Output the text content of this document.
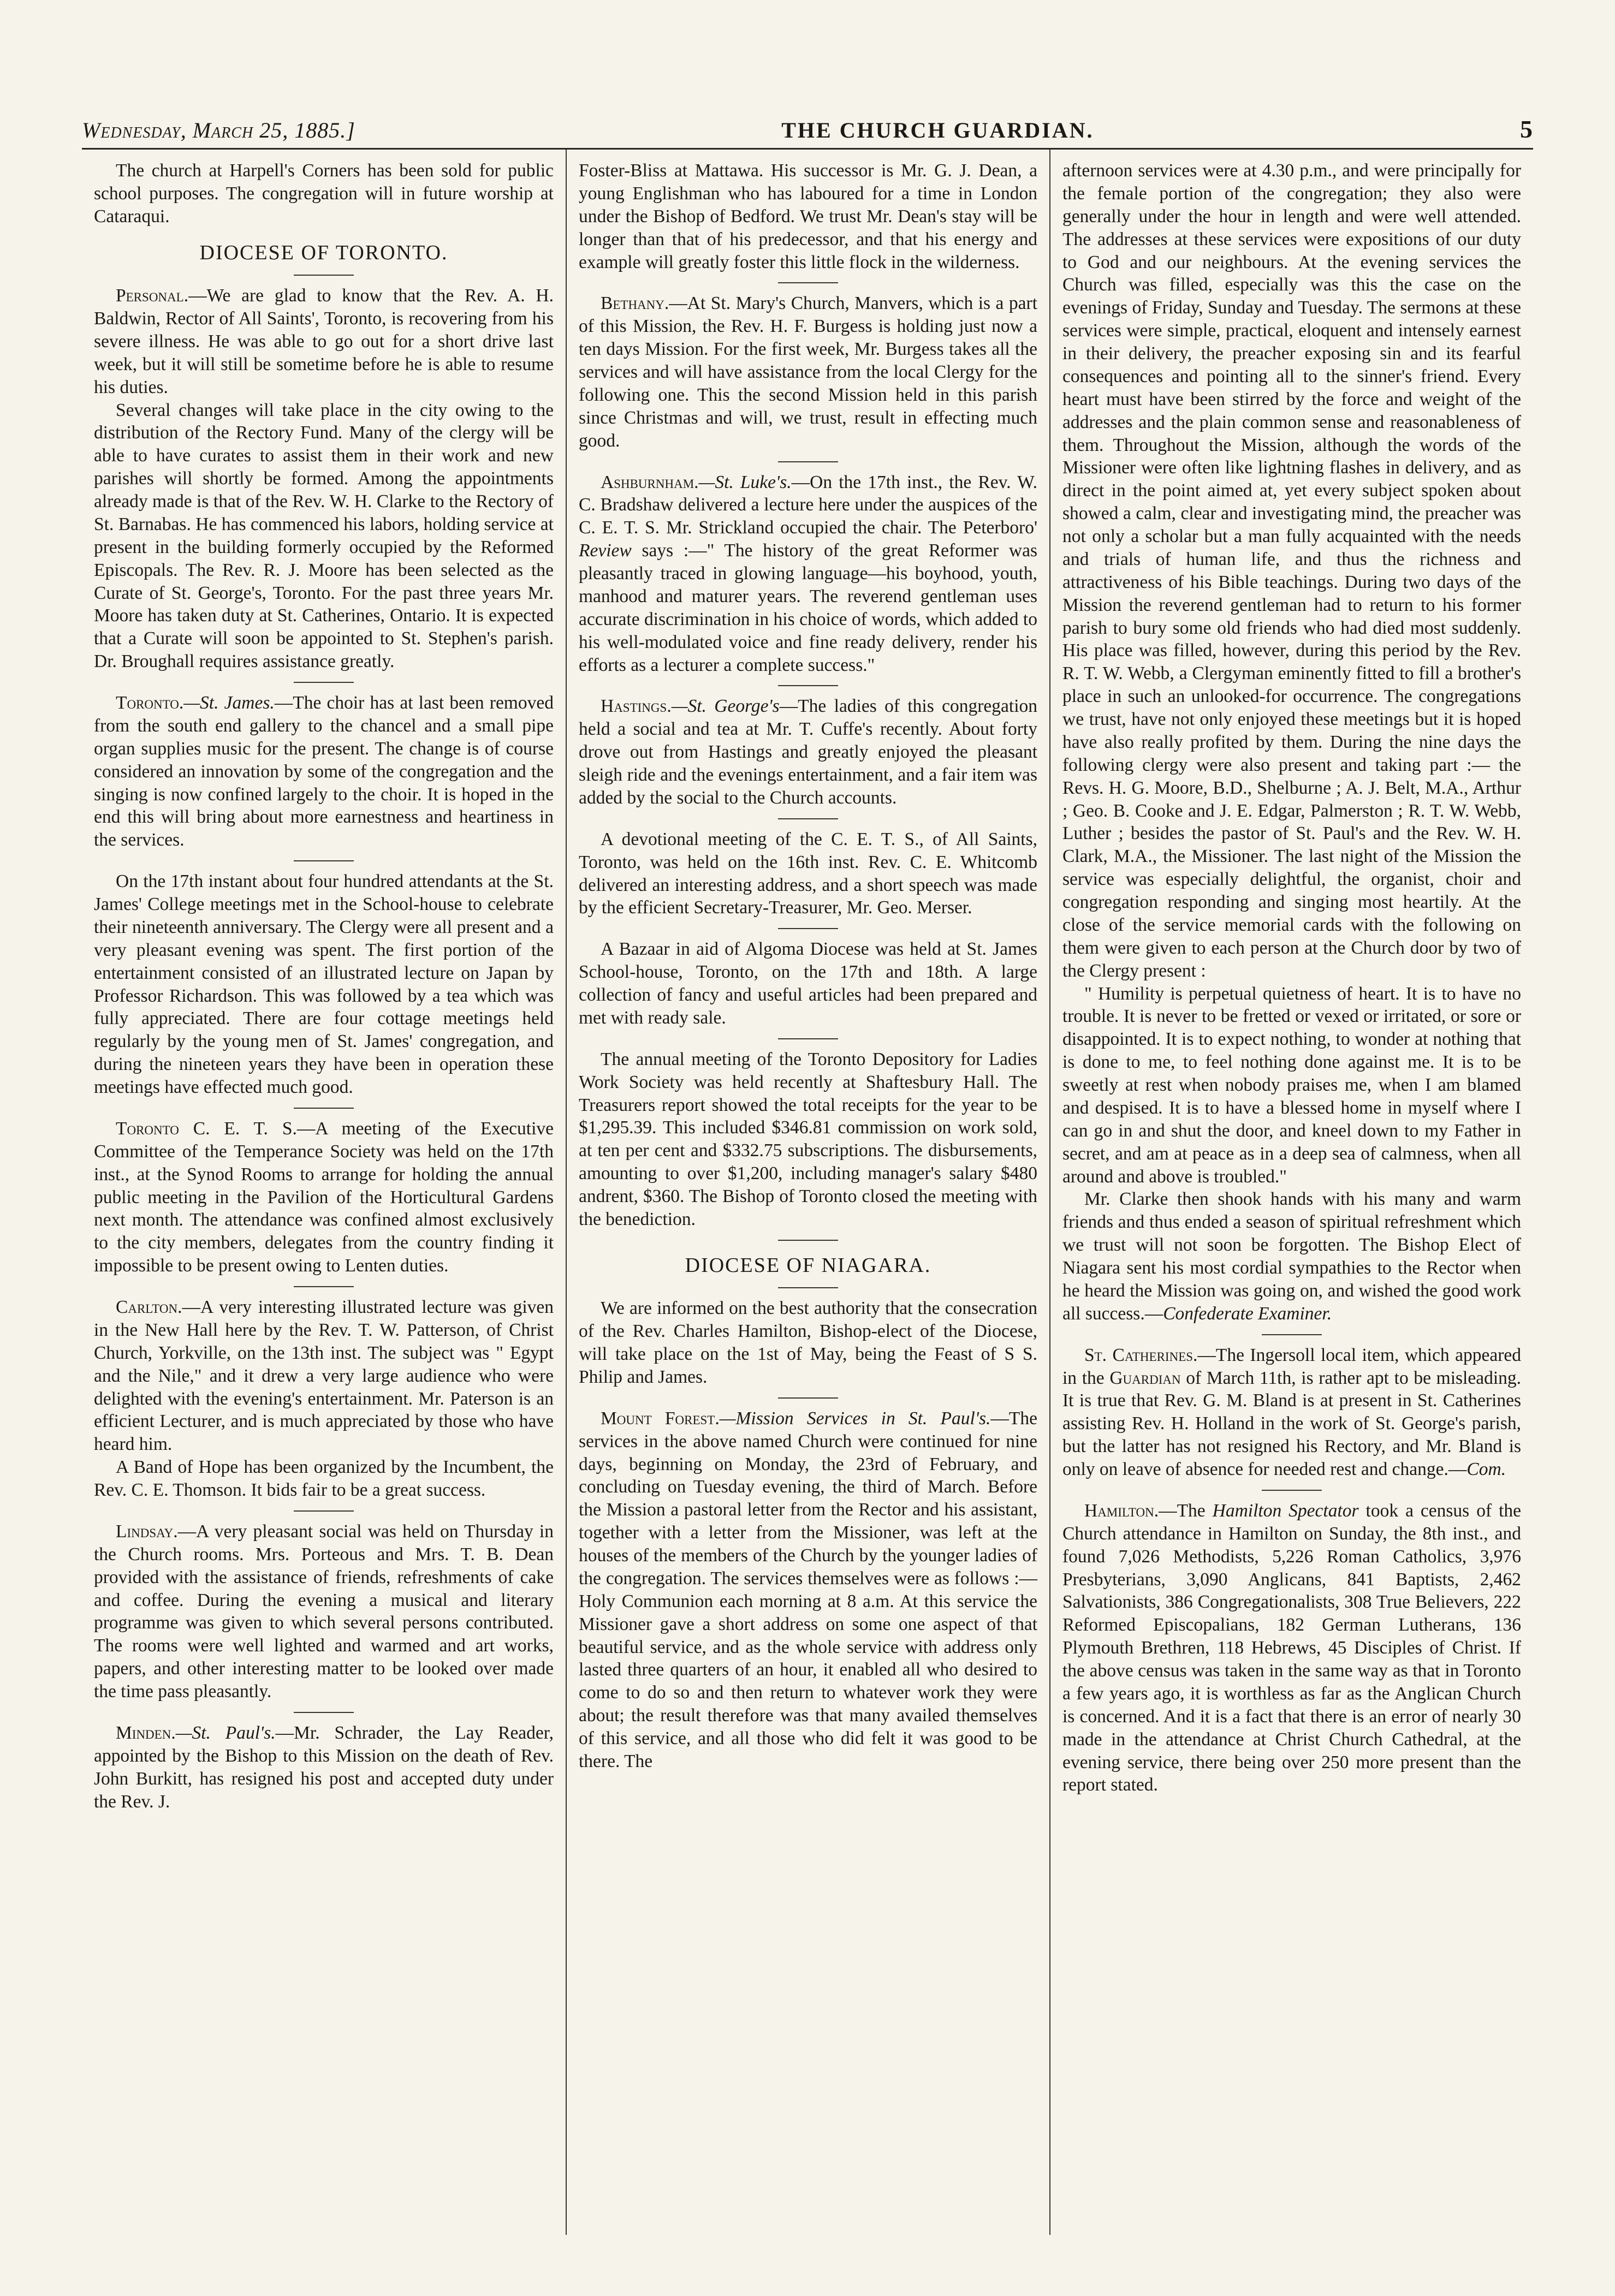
Wednesday, March 25, 1885.]	THE CHURCH GUARDIAN.	5

The church at Harpell's Corners has been sold for public school purposes. The congregation will in future worship at Cataraqui.

DIOCESE OF TORONTO.

Personal.—We are glad to know that the Rev. A. H. Baldwin, Rector of All Saints', Toronto, is recovering from his severe illness. He was able to go out for a short drive last week, but it will still be sometime before he is able to resume his duties.

Several changes will take place in the city owing to the distribution of the Rectory Fund. Many of the clergy will be able to have curates to assist them in their work and new parishes will shortly be formed. Among the appointments already made is that of the Rev. W. H. Clarke to the Rectory of St. Barnabas. He has commenced his labors, holding service at present in the building formerly occupied by the Reformed Episcopals. The Rev. R. J. Moore has been selected as the Curate of St. George's, Toronto. For the past three years Mr. Moore has taken duty at St. Catherines, Ontario. It is expected that a Curate will soon be appointed to St. Stephen's parish. Dr. Broughall requires assistance greatly.

Toronto.—St. James.—The choir has at last been removed from the south end gallery to the chancel and a small pipe organ supplies music for the present. The change is of course considered an innovation by some of the congregation and the singing is now confined largely to the choir. It is hoped in the end this will bring about more earnestness and heartiness in the services.

On the 17th instant about four hundred attendants at the St. James' College meetings met in the School-house to celebrate their nineteenth anniversary. The Clergy were all present and a very pleasant evening was spent. The first portion of the entertainment consisted of an illustrated lecture on Japan by Professor Richardson. This was followed by a tea which was fully appreciated. There are four cottage meetings held regularly by the young men of St. James' congregation, and during the nineteen years they have been in operation these meetings have effected much good.

Toronto C. E. T. S.—A meeting of the Executive Committee of the Temperance Society was held on the 17th inst., at the Synod Rooms to arrange for holding the annual public meeting in the Pavilion of the Horticultural Gardens next month. The attendance was confined almost exclusively to the city members, delegates from the country finding it impossible to be present owing to Lenten duties.

Carlton.—A very interesting illustrated lecture was given in the New Hall here by the Rev. T. W. Patterson, of Christ Church, Yorkville, on the 13th inst. The subject was " Egypt and the Nile," and it drew a very large audience who were delighted with the evening's entertainment. Mr. Paterson is an efficient Lecturer, and is much appreciated by those who have heard him.

A Band of Hope has been organized by the Incumbent, the Rev. C. E. Thomson. It bids fair to be a great success.

Lindsay.—A very pleasant social was held on Thursday in the Church rooms. Mrs. Porteous and Mrs. T. B. Dean provided with the assistance of friends, refreshments of cake and coffee. During the evening a musical and literary programme was given to which several persons contributed. The rooms were well lighted and warmed and art works, papers, and other interesting matter to be looked over made the time pass pleasantly.

Minden.—St. Paul's.—Mr. Schrader, the Lay Reader, appointed by the Bishop to this Mission on the death of Rev. John Burkitt, has resigned his post and accepted duty under the Rev. J.

Foster-Bliss at Mattawa. His successor is Mr. G. J. Dean, a young Englishman who has laboured for a time in London under the Bishop of Bedford. We trust Mr. Dean's stay will be longer than that of his predecessor, and that his energy and example will greatly foster this little flock in the wilderness.

Bethany.—At St. Mary's Church, Manvers, which is a part of this Mission, the Rev. H. F. Burgess is holding just now a ten days Mission. For the first week, Mr. Burgess takes all the services and will have assistance from the local Clergy for the following one. This the second Mission held in this parish since Christmas and will, we trust, result in effecting much good.

Ashburnham.—St. Luke's.—On the 17th inst., the Rev. W. C. Bradshaw delivered a lecture here under the auspices of the C. E. T. S. Mr. Strickland occupied the chair. The Peterboro' Review says :—" The history of the great Reformer was pleasantly traced in glowing language—his boyhood, youth, manhood and maturer years. The reverend gentleman uses accurate discrimination in his choice of words, which added to his well-modulated voice and fine ready delivery, render his efforts as a lecturer a complete success."

Hastings.—St. George's—The ladies of this congregation held a social and tea at Mr. T. Cuffe's recently. About forty drove out from Hastings and greatly enjoyed the pleasant sleigh ride and the evenings entertainment, and a fair item was added by the social to the Church accounts.

A devotional meeting of the C. E. T. S., of All Saints, Toronto, was held on the 16th inst. Rev. C. E. Whitcomb delivered an interesting address, and a short speech was made by the efficient Secretary-Treasurer, Mr. Geo. Merser.

A Bazaar in aid of Algoma Diocese was held at St. James School-house, Toronto, on the 17th and 18th. A large collection of fancy and useful articles had been prepared and met with ready sale.

The annual meeting of the Toronto Depository for Ladies Work Society was held recently at Shaftesbury Hall. The Treasurers report showed the total receipts for the year to be $1,295.39. This included $346.81 commission on work sold, at ten per cent and $332.75 subscriptions. The disbursements, amounting to over $1,200, including manager's salary $480 andrent, $360. The Bishop of Toronto closed the meeting with the benediction.

DIOCESE OF NIAGARA.

We are informed on the best authority that the consecration of the Rev. Charles Hamilton, Bishop-elect of the Diocese, will take place on the 1st of May, being the Feast of S S. Philip and James.

Mount Forest.—Mission Services in St. Paul's.—The services in the above named Church were continued for nine days, beginning on Monday, the 23rd of February, and concluding on Tuesday evening, the third of March. Before the Mission a pastoral letter from the Rector and his assistant, together with a letter from the Missioner, was left at the houses of the members of the Church by the younger ladies of the congregation. The services themselves were as follows :—Holy Communion each morning at 8 a.m. At this service the Missioner gave a short address on some one aspect of that beautiful service, and as the whole service with address only lasted three quarters of an hour, it enabled all who desired to come to do so and then return to whatever work they were about; the result therefore was that many availed themselves of this service, and all those who did felt it was good to be there. The

afternoon services were at 4.30 p.m., and were principally for the female portion of the congregation; they also were generally under the hour in length and were well attended. The addresses at these services were expositions of our duty to God and our neighbours. At the evening services the Church was filled, especially was this the case on the evenings of Friday, Sunday and Tuesday. The sermons at these services were simple, practical, eloquent and intensely earnest in their delivery, the preacher exposing sin and its fearful consequences and pointing all to the sinner's friend. Every heart must have been stirred by the force and weight of the addresses and the plain common sense and reasonableness of them. Throughout the Mission, although the words of the Missioner were often like lightning flashes in delivery, and as direct in the point aimed at, yet every subject spoken about showed a calm, clear and investigating mind, the preacher was not only a scholar but a man fully acquainted with the needs and trials of human life, and thus the richness and attractiveness of his Bible teachings. During two days of the Mission the reverend gentleman had to return to his former parish to bury some old friends who had died most suddenly. His place was filled, however, during this period by the Rev. R. T. W. Webb, a Clergyman eminently fitted to fill a brother's place in such an unlooked-for occurrence. The congregations we trust, have not only enjoyed these meetings but it is hoped have also really profited by them. During the nine days the following clergy were also present and taking part :— the Revs. H. G. Moore, B.D., Shelburne ; A. J. Belt, M.A., Arthur ; Geo. B. Cooke and J. E. Edgar, Palmerston ; R. T. W. Webb, Luther ; besides the pastor of St. Paul's and the Rev. W. H. Clark, M.A., the Missioner. The last night of the Mission the service was especially delightful, the organist, choir and congregation responding and singing most heartily. At the close of the service memorial cards with the following on them were given to each person at the Church door by two of the Clergy present :

" Humility is perpetual quietness of heart. It is to have no trouble. It is never to be fretted or vexed or irritated, or sore or disappointed. It is to expect nothing, to wonder at nothing that is done to me, to feel nothing done against me. It is to be sweetly at rest when nobody praises me, when I am blamed and despised. It is to have a blessed home in myself where I can go in and shut the door, and kneel down to my Father in secret, and am at peace as in a deep sea of calmness, when all around and above is troubled."

Mr. Clarke then shook hands with his many and warm friends and thus ended a season of spiritual refreshment which we trust will not soon be forgotten. The Bishop Elect of Niagara sent his most cordial sympathies to the Rector when he heard the Mission was going on, and wished the good work all success.—Confederate Examiner.

St. Catherines.—The Ingersoll local item, which appeared in the Guardian of March 11th, is rather apt to be misleading. It is true that Rev. G. M. Bland is at present in St. Catherines assisting Rev. H. Holland in the work of St. George's parish, but the latter has not resigned his Rectory, and Mr. Bland is only on leave of absence for needed rest and change.—Com.

Hamilton.—The Hamilton Spectator took a census of the Church attendance in Hamilton on Sunday, the 8th inst., and found 7,026 Methodists, 5,226 Roman Catholics, 3,976 Presbyterians, 3,090 Anglicans, 841 Baptists, 2,462 Salvationists, 386 Congregationalists, 308 True Believers, 222 Reformed Episcopalians, 182 German Lutherans, 136 Plymouth Brethren, 118 Hebrews, 45 Disciples of Christ. If the above census was taken in the same way as that in Toronto a few years ago, it is worthless as far as the Anglican Church is concerned. And it is a fact that there is an error of nearly 30 made in the attendance at Christ Church Cathedral, at the evening service, there being over 250 more present than the report stated.
